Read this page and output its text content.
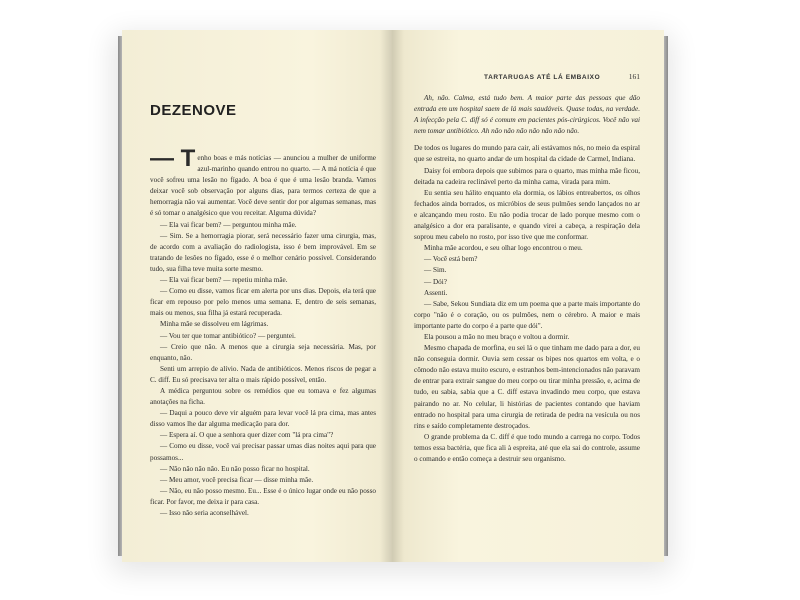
DEZENOVE

— T enho boas e más notícias — anunciou a mulher de uniforme azul-marinho quando entrou no quarto. — A má notícia é que você sofreu uma lesão no fígado. A boa é que é uma lesão branda. Vamos deixar você sob observação por alguns dias, para termos certeza de que a hemorragia não vai aumentar. Você deve sentir dor por algumas semanas, mas é só tomar o analgésico que vou receitar. Alguma dúvida?

— Ela vai ficar bem? — perguntou minha mãe.

— Sim. Se a hemorragia piorar, será necessário fazer uma cirurgia, mas, de acordo com a avaliação do radiologista, isso é bem improvável. Em se tratando de lesões no fígado, esse é o melhor cenário possível. Considerando tudo, sua filha teve muita sorte mesmo.

— Ela vai ficar bem? — repetiu minha mãe.

— Como eu disse, vamos ficar em alerta por uns dias. Depois, ela terá que ficar em repouso por pelo menos uma semana. E, dentro de seis semanas, mais ou menos, sua filha já estará recuperada.

Minha mãe se dissolveu em lágrimas.

— Vou ter que tomar antibiótico? — perguntei.

— Creio que não. A menos que a cirurgia seja necessária. Mas, por enquanto, não.

Senti um arrepio de alívio. Nada de antibióticos. Menos riscos de pegar a C. diff. Eu só precisava ter alta o mais rápido possível, então.

A médica perguntou sobre os remédios que eu tomava e fez algumas anotações na ficha.

— Daqui a pouco deve vir alguém para levar você lá pra cima, mas antes disso vamos lhe dar alguma medicação para dor.

— Espera aí. O que a senhora quer dizer com "lá pra cima"?

— Como eu disse, você vai precisar passar umas dias noites aqui para que possamos...

— Não não não não. Eu não posso ficar no hospital.

— Meu amor, você precisa ficar — disse minha mãe.

— Não, eu não posso mesmo. Eu... Esse é o único lugar onde eu não posso ficar. Por favor, me deixa ir para casa.

— Isso não seria aconselhável.

TARTARUGAS ATÉ LÁ EMBAIXO	161

Ah, não. Calma, está tudo bem. A maior parte das pessoas que dão entrada em um hospital saem de lá mais saudáveis. Quase todas, na verdade. A infecção pela C. diff só é comum em pacientes pós-cirúrgicos. Você não vai nem tomar antibiótico. Ah não não não não não não não.

De todos os lugares do mundo para cair, ali estávamos nós, no meio da espiral que se estreita, no quarto andar de um hospital da cidade de Carmel, Indiana.

Daisy foi embora depois que subimos para o quarto, mas minha mãe ficou, deitada na cadeira reclinável perto da minha cama, virada para mim.

Eu sentia seu hálito enquanto ela dormia, os lábios entreabertos, os olhos fechados ainda borrados, os micróbios de seus pulmões sendo lançados no ar e alcançando meu rosto. Eu não podia trocar de lado porque mesmo com o analgésico a dor era paralisante, e quando virei a cabeça, a respiração dela soprou meu cabelo no rosto, por isso tive que me conformar.

Minha mãe acordou, e seu olhar logo encontrou o meu.

— Você está bem?

— Sim.

— Dói?

Assenti.

— Sabe, Sekou Sundiata diz em um poema que a parte mais importante do corpo "não é o coração, ou os pulmões, nem o cérebro. A maior e mais importante parte do corpo é a parte que dói".

Ela pousou a mão no meu braço e voltou a dormir.

Mesmo chapada de morfina, eu sei lá o que tinham me dado para a dor, eu não conseguia dormir. Ouvia sem cessar os bipes nos quartos em volta, e o cômodo não estava muito escuro, e estranhos bem-intencionados não paravam de entrar para extrair sangue do meu corpo ou tirar minha pressão, e, acima de tudo, eu sabia, sabia que a C. diff estava invadindo meu corpo, que estava pairando no ar. No celular, li histórias de pacientes contando que haviam entrado no hospital para uma cirurgia de retirada de pedra na vesícula ou nos rins e saído completamente destroçados.

O grande problema da C. diff é que todo mundo a carrega no corpo. Todos temos essa bactéria, que fica ali à espreita, até que ela sai do controle, assume o comando e então começa a destruir seu organismo.
